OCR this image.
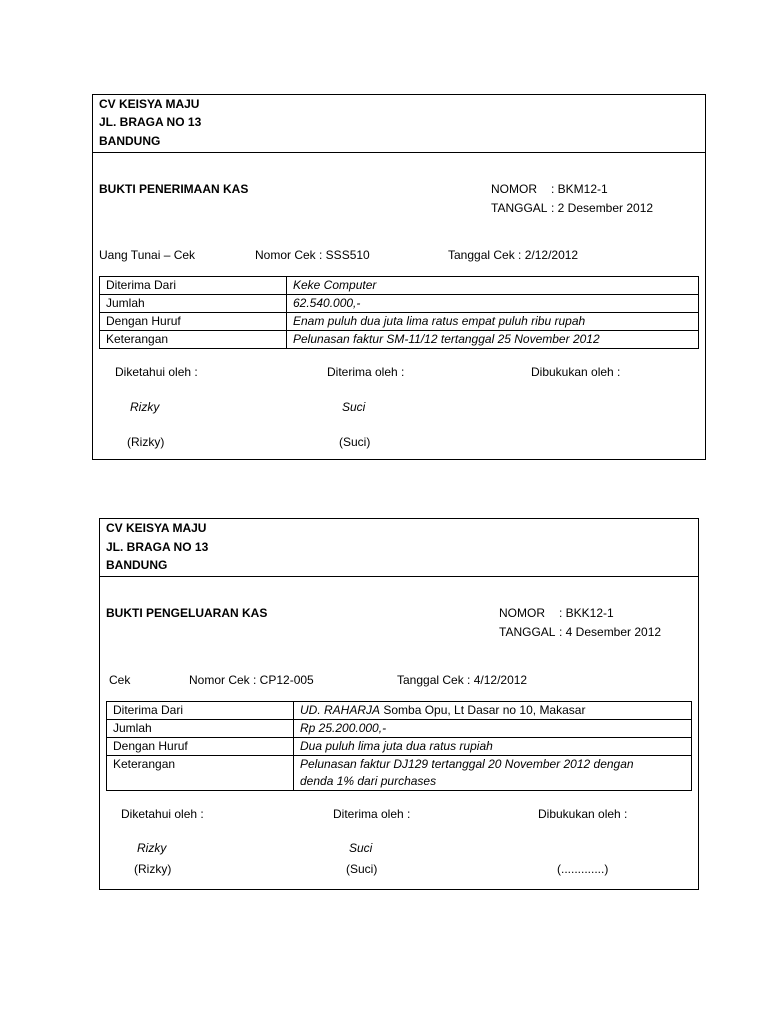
CV KEISYA MAJU
JL. BRAGA NO 13
BANDUNG
BUKTI PENERIMAAN KAS	NOMOR : BKM12-1
TANGGAL : 2 Desember 2012
Uang Tunai – Cek	Nomor Cek : SSS510	Tanggal Cek : 2/12/2012
Diterima Dari	Keke Computer
Jumlah	62.540.000,-
Dengan Huruf	Enam puluh dua juta lima ratus empat puluh ribu rupah
Keterangan	Pelunasan faktur SM-11/12 tertanggal 25 November 2012
Diketahui oleh :	Diterima oleh :	Dibukukan oleh :
Rizky	Suci
(Rizky)	(Suci)
CV KEISYA MAJU
JL. BRAGA NO 13
BANDUNG
BUKTI PENGELUARAN KAS	NOMOR : BKK12-1
TANGGAL : 4 Desember 2012
Cek	Nomor Cek : CP12-005	Tanggal Cek : 4/12/2012
Diterima Dari	UD. RAHARJA Somba Opu, Lt Dasar no 10, Makasar
Jumlah	Rp 25.200.000,-
Dengan Huruf	Dua puluh lima juta dua ratus rupiah
Keterangan	Pelunasan faktur DJ129 tertanggal 20 November 2012 dengan
denda 1% dari purchases
Diketahui oleh :	Diterima oleh :	Dibukukan oleh :
Rizky	Suci
(Rizky)	(Suci)	(.............)
